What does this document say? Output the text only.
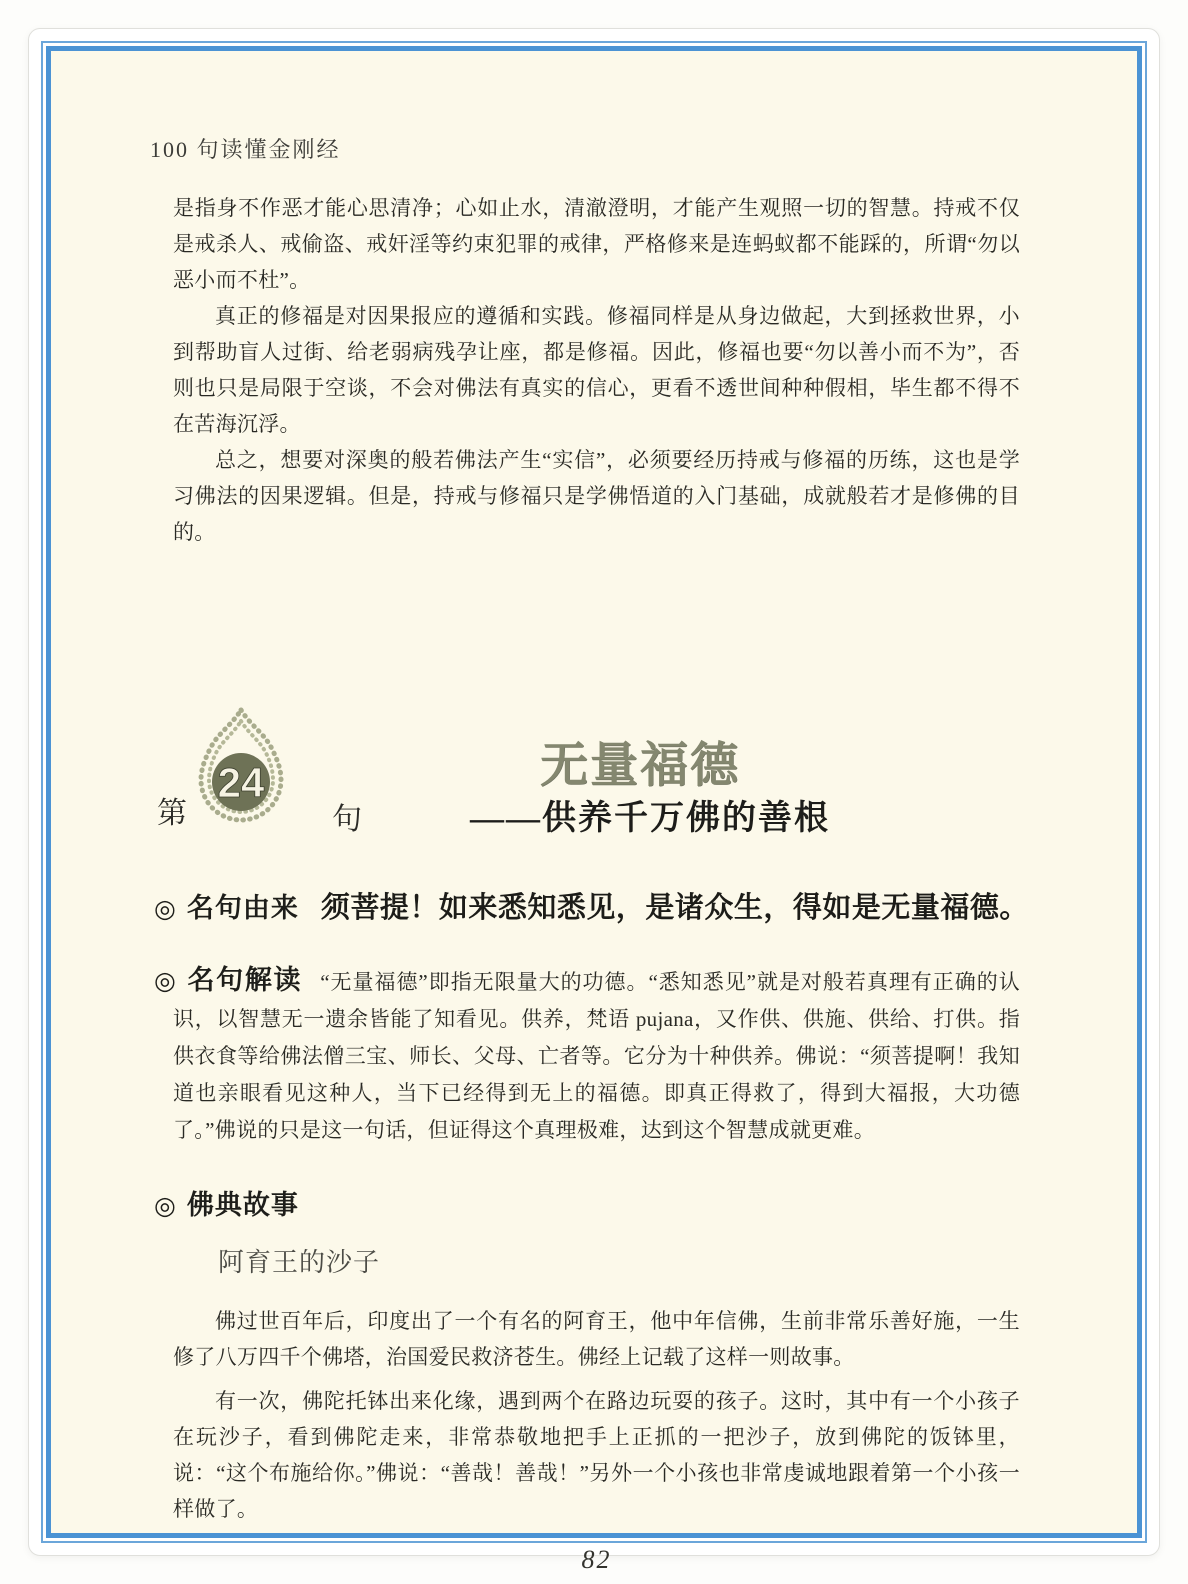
100 句读懂金刚经

是指身不作恶才能心思清净；心如止水，清澈澄明，才能产生观照一切的智慧。持戒不仅是戒杀人、戒偷盗、戒奸淫等约束犯罪的戒律，严格修来是连蚂蚁都不能踩的，所谓“勿以恶小而不杜”。

真正的修福是对因果报应的遵循和实践。修福同样是从身边做起，大到拯救世界，小到帮助盲人过街、给老弱病残孕让座，都是修福。因此，修福也要“勿以善小而不为”，否则也只是局限于空谈，不会对佛法有真实的信心，更看不透世间种种假相，毕生都不得不在苦海沉浮。

总之，想要对深奥的般若佛法产生“实信”，必须要经历持戒与修福的历练，这也是学习佛法的因果逻辑。但是，持戒与修福只是学佛悟道的入门基础，成就般若才是修佛的目的。

第
24
句
无量福德
——供养千万佛的善根
◎ 名句由来 须菩提！如来悉知悉见，是诸众生，得如是无量福德。

◎ 名句解读 “无量福德”即指无限量大的功德。“悉知悉见”就是对般若真理有正确的认识，以智慧无一遗余皆能了知看见。供养，梵语 pujana，又作供、供施、供给、打供。指供衣食等给佛法僧三宝、师长、父母、亡者等。它分为十种供养。佛说：“须菩提啊！我知道也亲眼看见这种人，当下已经得到无上的福德。即真正得救了，得到大福报，大功德了。”佛说的只是这一句话，但证得这个真理极难，达到这个智慧成就更难。

◎ 佛典故事
阿育王的沙子

佛过世百年后，印度出了一个有名的阿育王，他中年信佛，生前非常乐善好施，一生修了八万四千个佛塔，治国爱民救济苍生。佛经上记载了这样一则故事。

有一次，佛陀托钵出来化缘，遇到两个在路边玩耍的孩子。这时，其中有一个小孩子在玩沙子，看到佛陀走来，非常恭敬地把手上正抓的一把沙子，放到佛陀的饭钵里，说：“这个布施给你。”佛说：“善哉！善哉！”另外一个小孩也非常虔诚地跟着第一个小孩一样做了。

82
